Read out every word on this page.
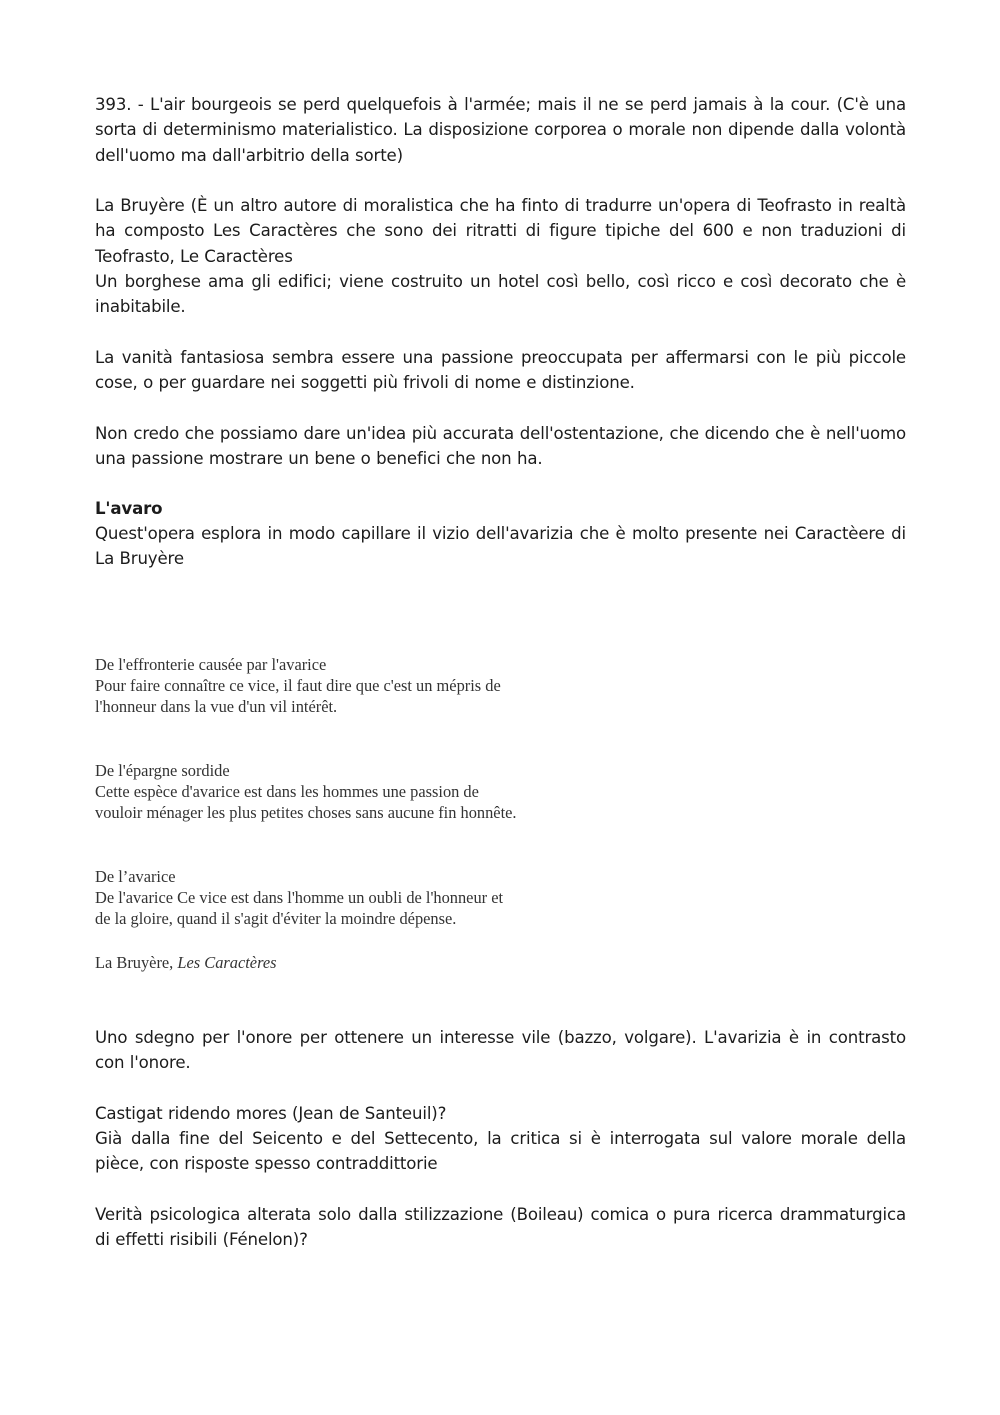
393. - L'air bourgeois se perd quelquefois à l'armée; mais il ne se perd jamais à la cour. (C'è una sorta di determinismo materialistico. La disposizione corporea o morale non dipende dalla volontà dell'uomo ma dall'arbitrio della sorte)
La Bruyère (È un altro autore di moralistica che ha finto di tradurre un'opera di Teofrasto in realtà ha composto Les Caractères che sono dei ritratti di figure tipiche del 600 e non traduzioni di Teofrasto, Le Caractères
Un borghese ama gli edifici; viene costruito un hotel così bello, così ricco e così decorato che è inabitabile.
La vanità fantasiosa sembra essere una passione preoccupata per affermarsi con le più piccole cose, o per guardare nei soggetti più frivoli di nome e distinzione.
Non credo che possiamo dare un'idea più accurata dell'ostentazione, che dicendo che è nell'uomo una passione mostrare un bene o benefici che non ha.
L'avaro
Quest'opera esplora in modo capillare il vizio dell'avarizia che è molto presente nei Caractèere di La Bruyère
De l'effronterie causée par l'avarice
Pour faire connaître ce vice, il faut dire que c'est un mépris de
l'honneur dans la vue d'un vil intérêt.
De l'épargne sordide
Cette espèce d'avarice est dans les hommes une passion de
vouloir ménager les plus petites choses sans aucune fin honnête.
De l’avarice
De l'avarice Ce vice est dans l'homme un oubli de l'honneur et
de la gloire, quand il s'agit d'éviter la moindre dépense.
La Bruyère, Les Caractères
Uno sdegno per l'onore per ottenere un interesse vile (bazzo, volgare). L'avarizia è in contrasto con l'onore.
Castigat ridendo mores (Jean de Santeuil)?
Già dalla fine del Seicento e del Settecento, la critica si è interrogata sul valore morale della pièce, con risposte spesso contraddittorie
Verità psicologica alterata solo dalla stilizzazione (Boileau) comica o pura ricerca drammaturgica di effetti risibili (Fénelon)?
